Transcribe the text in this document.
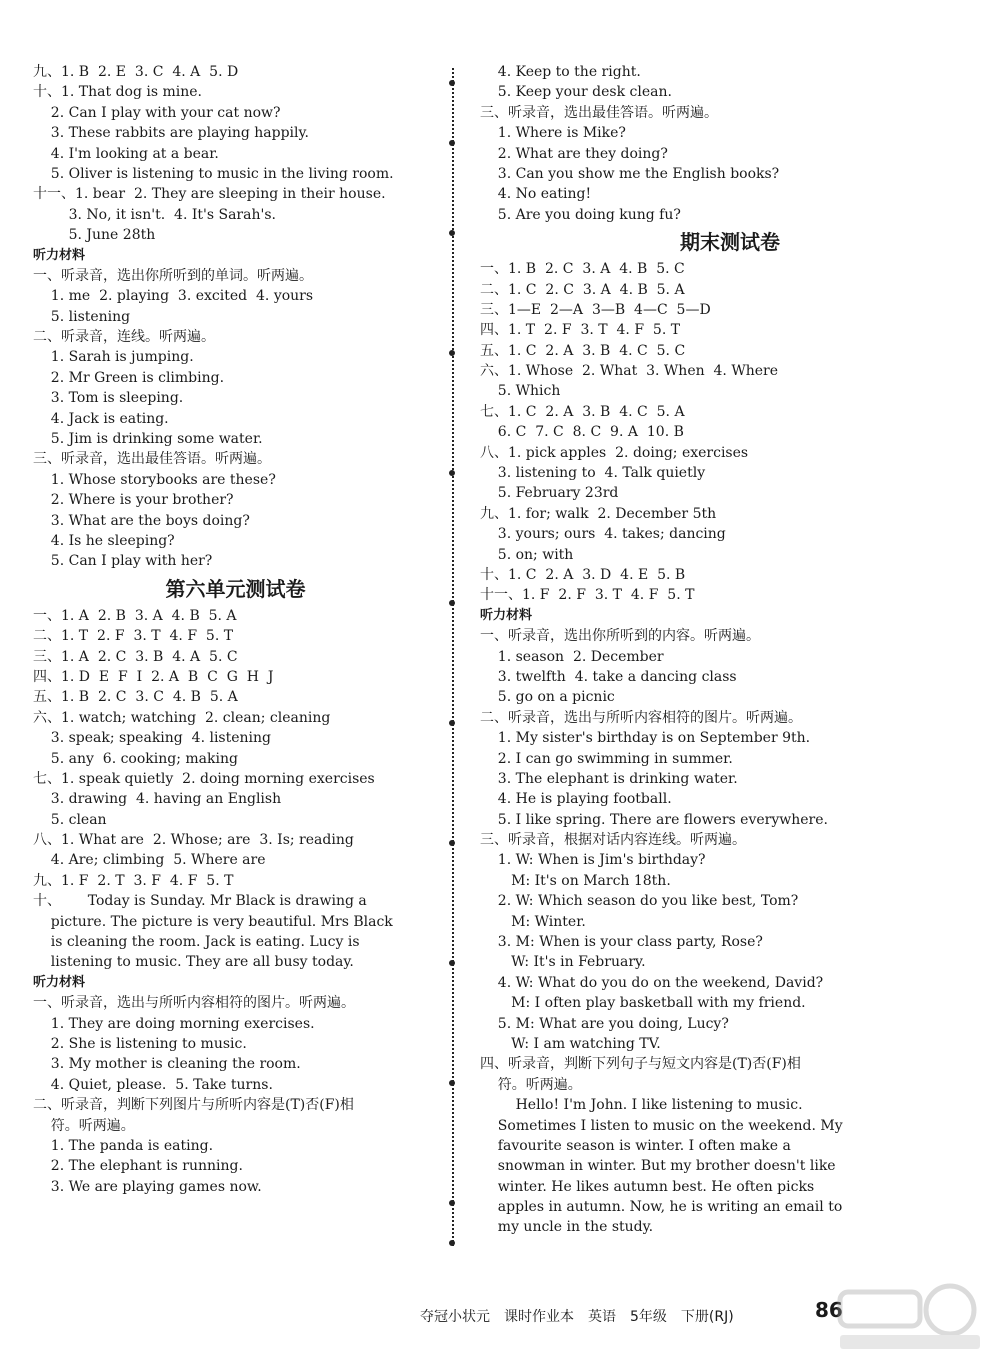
九、1. B  2. E  3. C  4. A  5. D
十、1. That dog is mine.
2. Can I play with your cat now?
3. These rabbits are playing happily.
4. I'm looking at a bear.
5. Oliver is listening to music in the living room.
十一、1. bear  2. They are sleeping in their house.
3. No, it isn't.  4. It's Sarah's.
5. June 28th
听力材料
一、听录音，选出你所听到的单词。听两遍。
1. me  2. playing  3. excited  4. yours
5. listening
二、听录音，连线。听两遍。
1. Sarah is jumping.
2. Mr Green is climbing.
3. Tom is sleeping.
4. Jack is eating.
5. Jim is drinking some water.
三、听录音，选出最佳答语。听两遍。
1. Whose storybooks are these?
2. Where is your brother?
3. What are the boys doing?
4. Is he sleeping?
5. Can I play with her?
第六单元测试卷
一、1. A  2. B  3. A  4. B  5. A
二、1. T  2. F  3. T  4. F  5. T
三、1. A  2. C  3. B  4. A  5. C
四、1. D  E  F  I  2. A  B  C  G  H  J
五、1. B  2. C  3. C  4. B  5. A
六、1. watch; watching  2. clean; cleaning
3. speak; speaking  4. listening
5. any  6. cooking; making
七、1. speak quietly  2. doing morning exercises
3. drawing  4. having an English
5. clean
八、1. What are  2. Whose; are  3. Is; reading
4. Are; climbing  5. Where are
九、1. F  2. T  3. F  4. F  5. T
十、      Today is Sunday. Mr Black is drawing a
picture. The picture is very beautiful. Mrs Black
is cleaning the room. Jack is eating. Lucy is
listening to music. They are all busy today.
听力材料
一、听录音，选出与所听内容相符的图片。听两遍。
1. They are doing morning exercises.
2. She is listening to music.
3. My mother is cleaning the room.
4. Quiet, please.  5. Take turns.
二、听录音，判断下列图片与所听内容是(T)否(F)相
符。听两遍。
1. The panda is eating.
2. The elephant is running.
3. We are playing games now.
4. Keep to the right.
5. Keep your desk clean.
三、听录音，选出最佳答语。听两遍。
1. Where is Mike?
2. What are they doing?
3. Can you show me the English books?
4. No eating!
5. Are you doing kung fu?
期末测试卷
一、1. B  2. C  3. A  4. B  5. C
二、1. C  2. C  3. A  4. B  5. A
三、1—E  2—A  3—B  4—C  5—D
四、1. T  2. F  3. T  4. F  5. T
五、1. C  2. A  3. B  4. C  5. C
六、1. Whose  2. What  3. When  4. Where
5. Which
七、1. C  2. A  3. B  4. C  5. A
6. C  7. C  8. C  9. A  10. B
八、1. pick apples  2. doing; exercises
3. listening to  4. Talk quietly
5. February 23rd
九、1. for; walk  2. December 5th
3. yours; ours  4. takes; dancing
5. on; with
十、1. C  2. A  3. D  4. E  5. B
十一、1. F  2. F  3. T  4. F  5. T
听力材料
一、听录音，选出你所听到的内容。听两遍。
1. season  2. December
3. twelfth  4. take a dancing class
5. go on a picnic
二、听录音，选出与所听内容相符的图片。听两遍。
1. My sister's birthday is on September 9th.
2. I can go swimming in summer.
3. The elephant is drinking water.
4. He is playing football.
5. I like spring. There are flowers everywhere.
三、听录音，根据对话内容连线。听两遍。
1. W: When is Jim's birthday?
M: It's on March 18th.
2. W: Which season do you like best, Tom?
M: Winter.
3. M: When is your class party, Rose?
W: It's in February.
4. W: What do you do on the weekend, David?
M: I often play basketball with my friend.
5. M: What are you doing, Lucy?
W: I am watching TV.
四、听录音，判断下列句子与短文内容是(T)否(F)相
符。听两遍。
Hello! I'm John. I like listening to music.
Sometimes I listen to music on the weekend. My
favourite season is winter. I often make a
snowman in winter. But my brother doesn't like
winter. He likes autumn best. He often picks
apples in autumn. Now, he is writing an email to
my uncle in the study.
夺冠小状元 课时作业本 英语 5年级 下册(RJ)	86
